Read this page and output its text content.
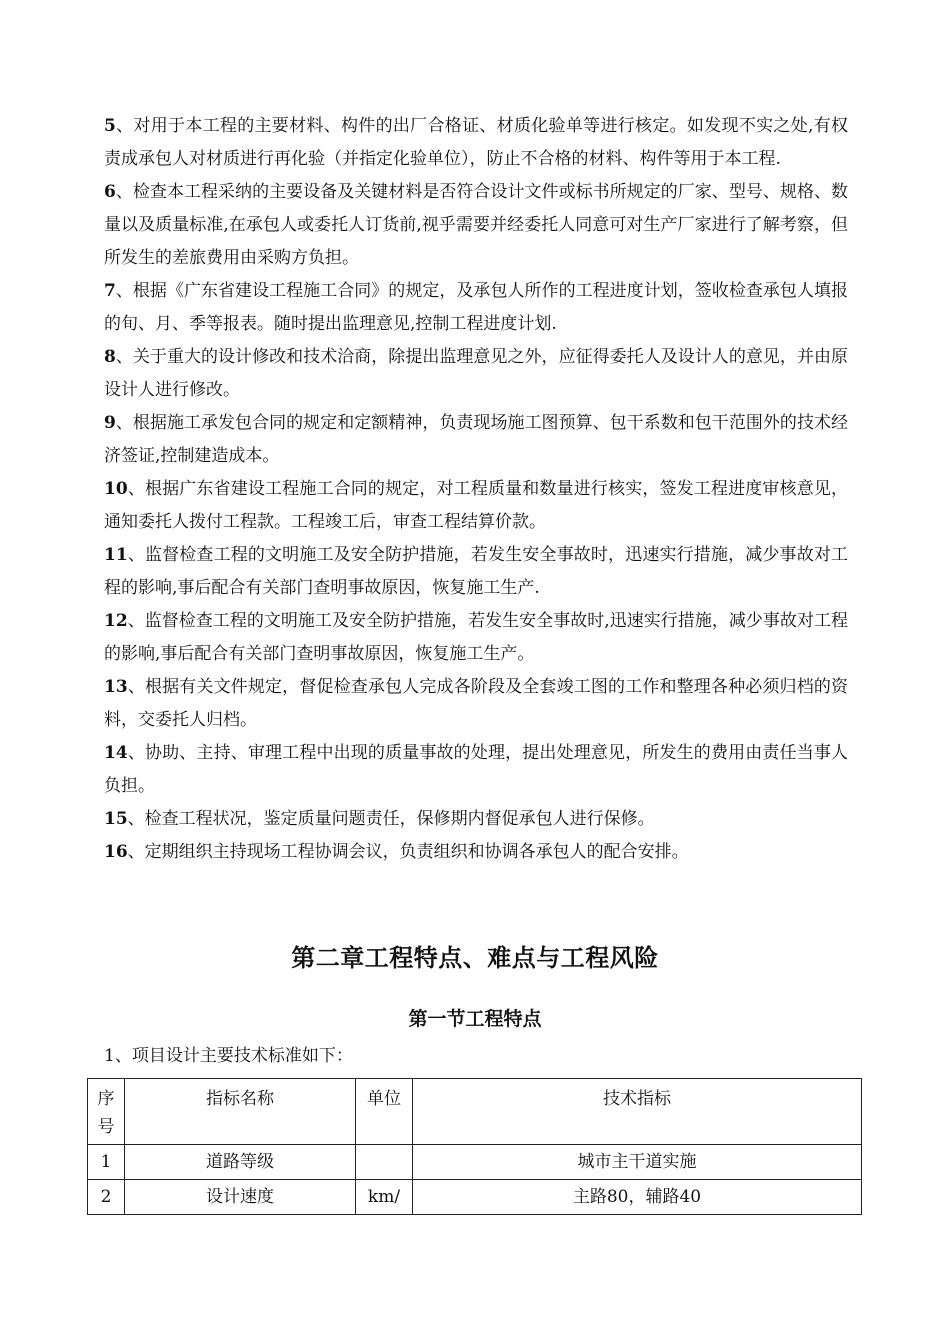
5、对用于本工程的主要材料、构件的出厂合格证、材质化验单等进行核定。如发现不实之处,有权责成承包人对材质进行再化验（并指定化验单位），防止不合格的材料、构件等用于本工程.

6、检查本工程采纳的主要设备及关键材料是否符合设计文件或标书所规定的厂家、型号、规格、数量以及质量标准,在承包人或委托人订货前,视乎需要并经委托人同意可对生产厂家进行了解考察，但所发生的差旅费用由采购方负担。

7、根据《广东省建设工程施工合同》的规定，及承包人所作的工程进度计划，签收检查承包人填报的旬、月、季等报表。随时提出监理意见,控制工程进度计划.

8、关于重大的设计修改和技术洽商，除提出监理意见之外，应征得委托人及设计人的意见，并由原设计人进行修改。

9、根据施工承发包合同的规定和定额精神，负责现场施工图预算、包干系数和包干范围外的技术经济签证,控制建造成本。

10、根据广东省建设工程施工合同的规定，对工程质量和数量进行核实，签发工程进度审核意见，通知委托人拨付工程款。工程竣工后，审查工程结算价款。

11、监督检查工程的文明施工及安全防护措施，若发生安全事故时，迅速实行措施，减少事故对工程的影响,事后配合有关部门查明事故原因，恢复施工生产.

12、监督检查工程的文明施工及安全防护措施，若发生安全事故时,迅速实行措施，减少事故对工程的影响,事后配合有关部门查明事故原因，恢复施工生产。

13、根据有关文件规定，督促检查承包人完成各阶段及全套竣工图的工作和整理各种必须归档的资料，交委托人归档。

14、协助、主持、审理工程中出现的质量事故的处理，提出处理意见，所发生的费用由责任当事人负担。

15、检查工程状况，鉴定质量问题责任，保修期内督促承包人进行保修。

16、定期组织主持现场工程协调会议，负责组织和协调各承包人的配合安排。

第二章工程特点、难点与工程风险
第一节工程特点
1、项目设计主要技术标准如下：
序
号	指标名称	单位	技术指标
1	道路等级		城市主干道实施
2	设计速度	km/	主路80，辅路40
